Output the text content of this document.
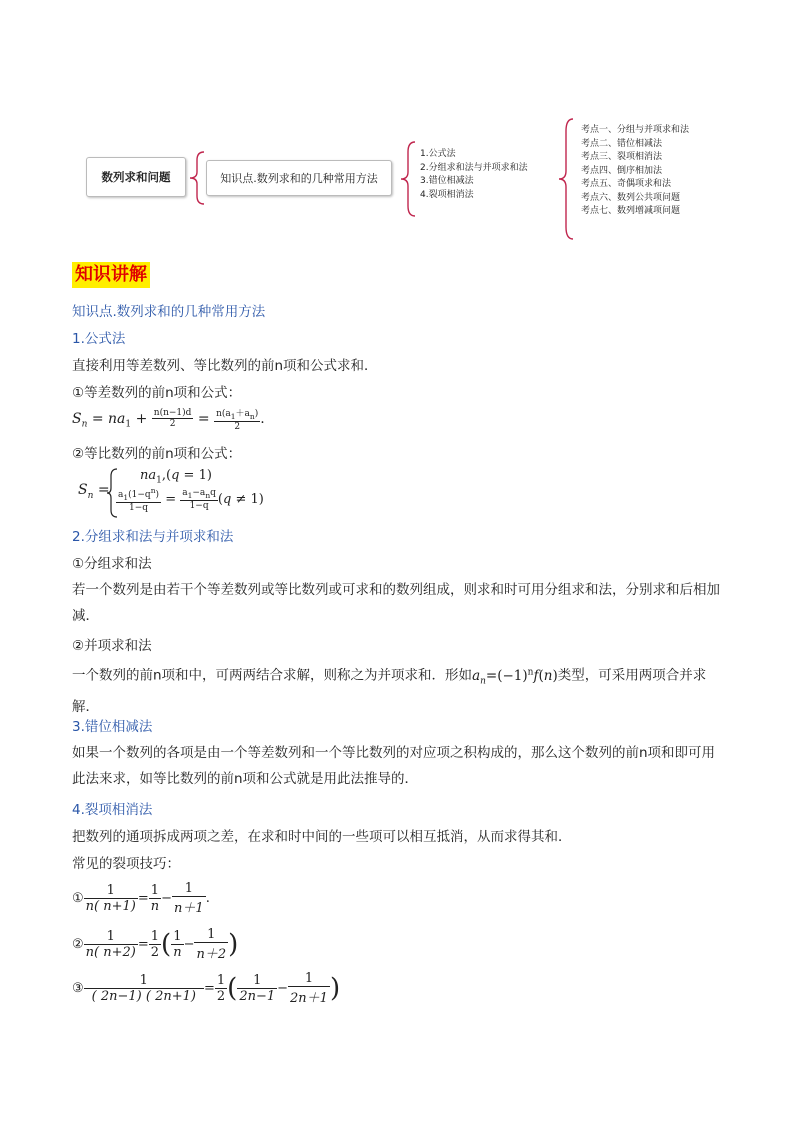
数列求和问题	知识点.数列求和的几种常用方法
1.公式法
2.分组求和法与并项求和法
3.错位相减法
4.裂项相消法
考点一、分组与并项求和法
考点二、错位相减法
考点三、裂项相消法
考点四、倒序相加法
考点五、奇偶项求和法
考点六、数列公共项问题
考点七、数列增减项问题
知识讲解
知识点.数列求和的几种常用方法
1.公式法
直接利用等差数列、等比数列的前n项和公式求和．
①等差数列的前n项和公式：
$S_n = na_1 + \frac{n(n-1)d}{2} = \frac{n(a_1+a_n)}{2}$ .
②等比数列的前n项和公式：
$S_n$ =
$na_1,(q = 1)$
$\frac{a_1(1-q^n)}{1-q} = \frac{a_1-a_nq}{1-q} (q \ne 1)$
2.分组求和法与并项求和法
①分组求和法
若一个数列是由若干个等差数列或等比数列或可求和的数列组成，则求和时可用分组求和法，分别求和后相加减．
②并项求和法
一个数列的前n项和中，可两两结合求解，则称之为并项求和．形如$a_n=(-1)^nf(n)$类型，可采用两项合并求解．
3.错位相减法
如果一个数列的各项是由一个等差数列和一个等比数列的对应项之积构成的，那么这个数列的前n项和即可用此法来求，如等比数列的前n项和公式就是用此法推导的．
4.裂项相消法
把数列的通项拆成两项之差，在求和时中间的一些项可以相互抵消，从而求得其和．
常见的裂项技巧：
① $\frac{1}{n( n+1)} = \frac{1}{n} - \frac{1}{n+1}$ .
② $\frac{1}{n( n+2)} = \frac{1}{2}$ ( $\frac{1}{n} - \frac{1}{n+2}$ )
③ $\frac{1}{( 2n-1) ( 2n+1)} = \frac{1}{2}$ ( $\frac{1}{2n-1} - \frac{1}{2n+1}$ )
